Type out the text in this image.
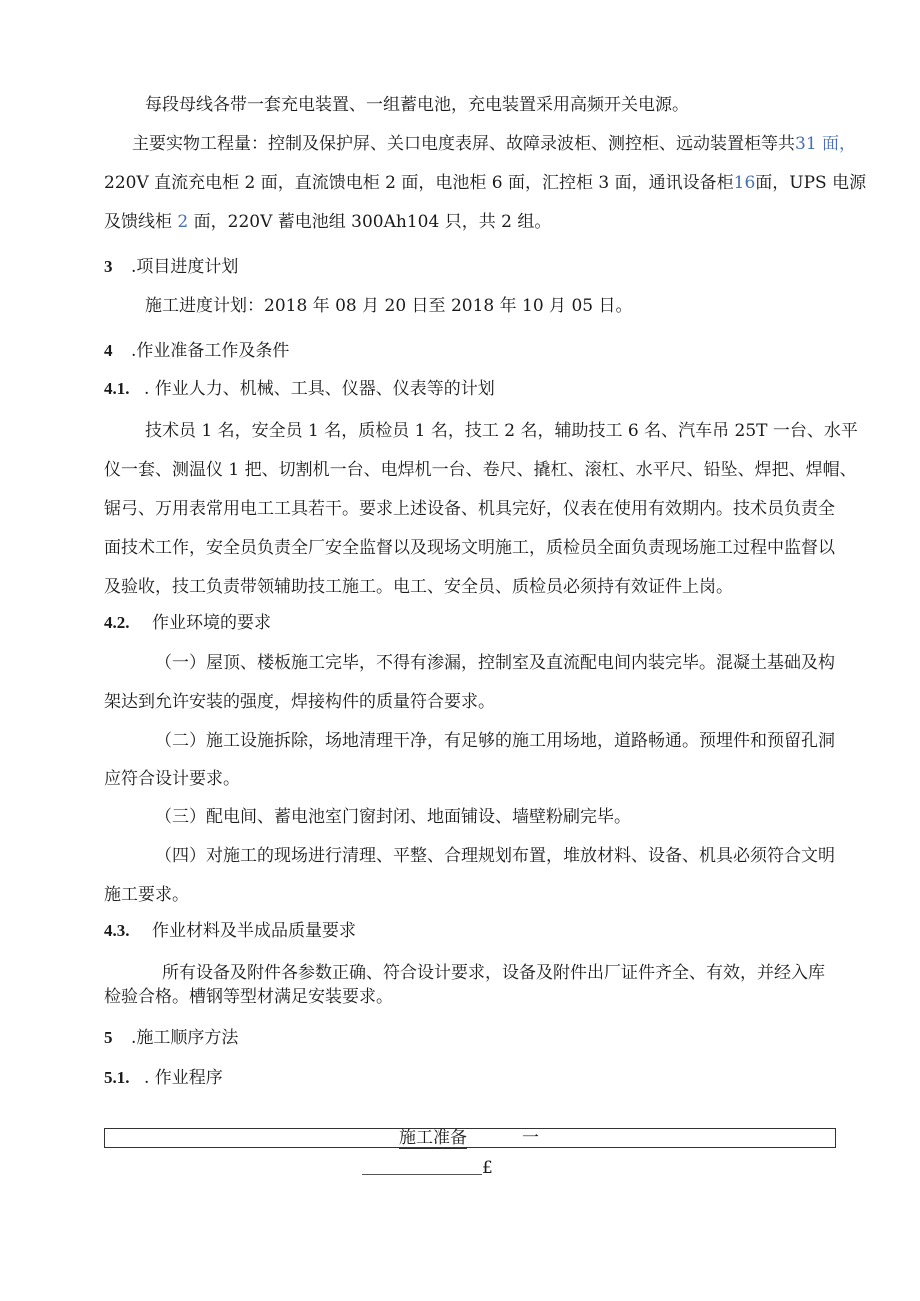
每段母线各带一套充电装置、一组蓄电池，充电装置采用高频开关电源。
主要实物工程量：控制及保护屏、关口电度表屏、故障录波柜、测控柜、远动装置柜等共31 面，
220V 直流充电柜 2 面，直流馈电柜 2 面，电池柜 6 面，汇控柜 3 面，通讯设备柜16面，UPS 电源
及馈线柜 2 面，220V 蓄电池组 300Ah104 只，共 2 组。
3 .项目进度计划
施工进度计划：2018 年 08 月 20 日至 2018 年 10 月 05 日。
4 .作业准备工作及条件
4.1. . 作业人力、机械、工具、仪器、仪表等的计划
技术员 1 名，安全员 1 名，质检员 1 名，技工 2 名，辅助技工 6 名、汽车吊 25T 一台、水平
仪一套、测温仪 1 把、切割机一台、电焊机一台、卷尺、撬杠、滚杠、水平尺、铅坠、焊把、焊帽、
锯弓、万用表常用电工工具若干。要求上述设备、机具完好，仪表在使用有效期内。技术员负责全
面技术工作，安全员负责全厂安全监督以及现场文明施工，质检员全面负责现场施工过程中监督以
及验收，技工负责带领辅助技工施工。电工、安全员、质检员必须持有效证件上岗。
4.2. 作业环境的要求
（一）屋顶、楼板施工完毕，不得有渗漏，控制室及直流配电间内装完毕。混凝土基础及构
架达到允许安装的强度，焊接构件的质量符合要求。
（二）施工设施拆除，场地清理干净，有足够的施工用场地，道路畅通。预埋件和预留孔洞
应符合设计要求。
（三）配电间、蓄电池室门窗封闭、地面铺设、墙壁粉刷完毕。
（四）对施工的现场进行清理、平整、合理规划布置，堆放材料、设备、机具必须符合文明
施工要求。
4.3. 作业材料及半成品质量要求
所有设备及附件各参数正确、符合设计要求，设备及附件出厂证件齐全、有效，并经入库
检验合格。槽钢等型材满足安装要求。
5 .施工顺序方法
5.1. . 作业程序
施工准备	一
£
